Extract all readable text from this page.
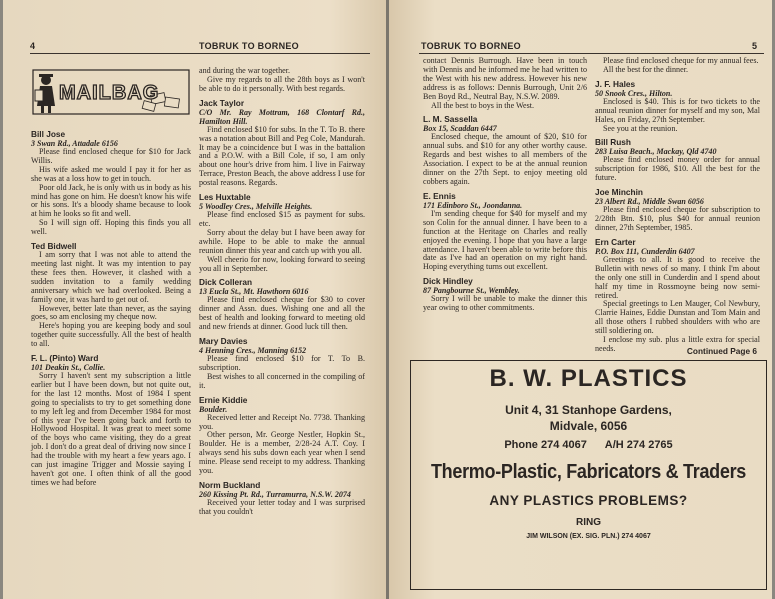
4	TOBRUK TO BORNEO
MAILBAG

Bill Jose

3 Swan Rd., Attadale 6156

Please find enclosed cheque for $10 for Jack Willis.

His wife asked me would I pay it for her as she was at a loss how to get in touch.

Poor old Jack, he is only with us in body as his mind has gone on him. He doesn't know his wife or his sons. It's a bloody shame because to look at him he looks so fit and well.

So I will sign off. Hoping this finds you all well.

Ted Bidwell

I am sorry that I was not able to attend the meeting last night. It was my intention to pay these fees then. However, it clashed with a sudden invitation to a family wedding anniversary which we had overlooked. Being a family one, it was hard to get out of.

However, better late than never, as the saying goes, so am enclosing my cheque now.

Here's hoping you are keeping body and soul together quite successfully. All the best of health to all.

F. L. (Pinto) Ward

101 Deakin St., Collie.

Sorry I haven't sent my subscription a little earlier but I have been down, but not quite out, for the last 12 months. Most of 1984 I spent going to specialists to try to get something done to my left leg and from December 1984 for most of this year I've been going back and forth to Hollywood Hospital. It was great to meet some of the boys who came visiting, they do a great job. I don't do a great deal of driving now since I had the trouble with my heart a few years ago. I can just imagine Trigger and Mossie saying I haven't got one. I often think of all the good times we had before

and during the war together.

Give my regards to all the 28th boys as I won't be able to do it personally. With best regards.

Jack Taylor

C/O Mr. Ray Mottram, 168 Clontarf Rd., Hamilton Hill.

Find enclosed $10 for subs. In the T. To B. there was a notation about Bill and Peg Cole, Mandurah. It may be a coincidence but I was in the battalion and a P.O.W. with a Bill Cole, if so, I am only about one hour's drive from him. I live in Fairway Terrace, Preston Beach, the above address I use for postal reasons. Regards.

Les Huxtable

5 Woodley Cres., Melville Heights.

Please find enclosed $15 as payment for subs. etc.

Sorry about the delay but I have been away for awhile. Hope to be able to make the annual reunion dinner this year and catch up with you all.

Well cheerio for now, looking forward to seeing you all in September.

Dick Colleran

13 Eucla St., Mt. Hawthorn 6016

Please find enclosed cheque for $30 to cover dinner and Assn. dues. Wishing one and all the best of health and looking forward to meeting old and new friends at dinner. Good luck till then.

Mary Davies

4 Henning Cres., Manning 6152

Please find enclosed $10 for T. To B. subscription.

Best wishes to all concerned in the compiling of it.

Ernie Kiddie

Boulder.

Received letter and Receipt No. 7738. Thanking you.

Other person, Mr. George Nestler, Hopkin St., Boulder. He is a member, 2/28-24 A.T. Coy. I always send his subs down each year when I send mine. Please send receipt to my address. Thanking you.

Norm Buckland

260 Kissing Pt. Rd., Turramurra, N.S.W. 2074

Received your letter today and I was surprised that you couldn't

TOBRUK TO BORNEO	5

contact Dennis Burrough. Have been in touch with Dennis and he informed me he had written to the West with his new address. However his new address is as follows: Dennis Burrough, Unit 2/6 Ben Boyd Rd., Neutral Bay, N.S.W. 2089.

All the best to boys in the West.

L. M. Sassella

Box 15, Scaddan 6447

Enclosed cheque, the amount of $20, $10 for annual subs. and $10 for any other worthy cause. Regards and best wishes to all members of the Association. I expect to be at the annual reunion dinner on the 27th Sept. to enjoy meeting old cobbers again.

E. Ennis

171 Edinboro St., Joondanna.

I'm sending cheque for $40 for myself and my son Colin for the annual dinner. I have been to a function at the Heritage on Charles and really enjoyed the evening. I hope that you have a large attendance. I haven't been able to write before this date as I've had an operation on my right hand. Hoping everything turns out excellent.

Dick Hindley

87 Pangbourne St., Wembley.

Sorry I will be unable to make the dinner this year owing to other commitments.

Please find enclosed cheque for my annual fees.

All the best for the dinner.

J. F. Hales

50 Snook Cres., Hilton.

Enclosed is $40. This is for two tickets to the annual reunion dinner for myself and my son, Mal Hales, on Friday, 27th September.

See you at the reunion.

Bill Rush

283 Luisa Beach., Mackay, Qld 4740

Please find enclosed money order for annual subscription for 1986, $10. All the best for the future.

Joe Minchin

23 Albert Rd., Middle Swan 6056

Please find enclosed cheque for subscription to 2/28th Btn. $10, plus $40 for annual reunion dinner, 27th September, 1985.

Ern Carter

P.O. Box 111, Cunderdin 6407

Greetings to all. It is good to receive the Bulletin with news of so many. I think I'm about the only one still in Cunderdin and I spend about half my time in Rossmoyne being now semi-retired.

Special greetings to Len Mauger, Col Newbury, Clarrie Haines, Eddie Dunstan and Tom Main and all those others I rubbed shoulders with who are still soldiering on.

I enclose my sub. plus a little extra for special needs.	Continued Page 6
B. W. PLASTICS
Unit 4, 31 Stanhope Gardens,
Midvale, 6056
Phone 274 4067      A/H 274 2765
Thermo-Plastic, Fabricators & Traders
ANY PLASTICS PROBLEMS?
RING
JIM WILSON (EX. SIG. PLN.) 274 4067
